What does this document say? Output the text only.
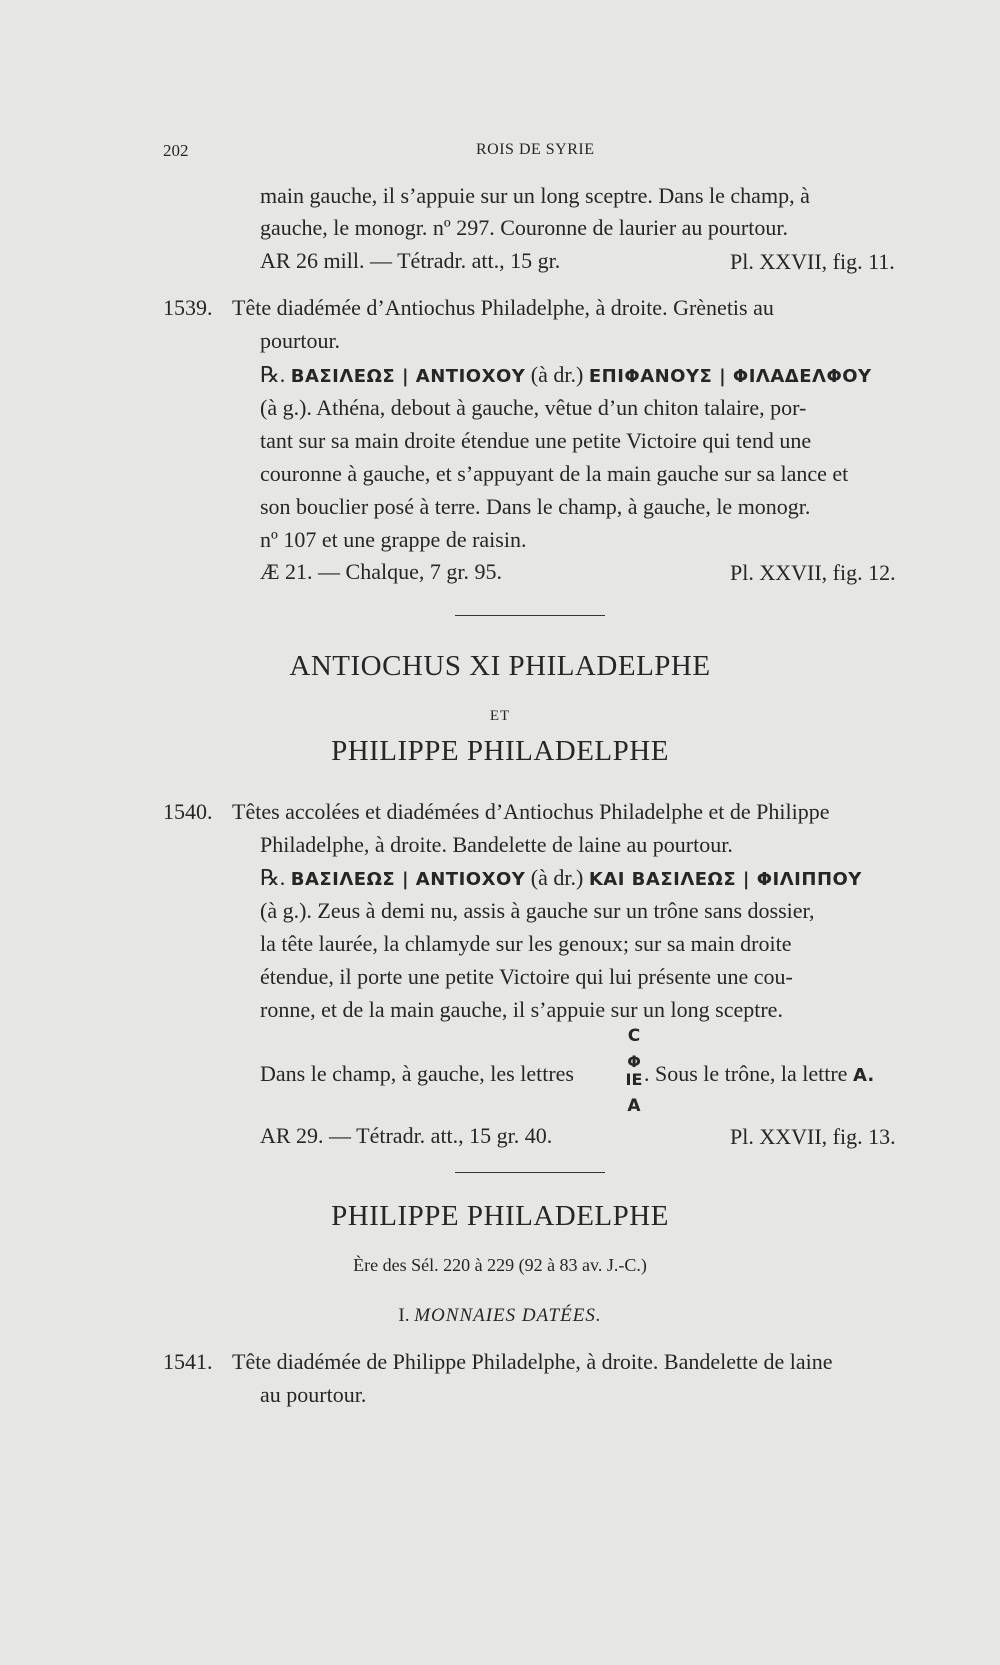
202	ROIS DE SYRIE
main gauche, il s’appuie sur un long sceptre. Dans le champ, à
gauche, le monogr. nº 297. Couronne de laurier au pourtour.
AR 26 mill. — Tétradr. att., 15 gr.	Pl. XXVII, fig. 11.
1539. Tête diadémée d’Antiochus Philadelphe, à droite. Grènetis au
pourtour.
℞. ΒΑΣΙΛΕΩΣ | ΑΝΤΙΟΧΟΥ (à dr.) ΕΠΙΦΑΝΟΥΣ | ΦΙΛΑΔΕΛΦΟΥ
(à g.). Athéna, debout à gauche, vêtue d’un chiton talaire, por-
tant sur sa main droite étendue une petite Victoire qui tend une
couronne à gauche, et s’appuyant de la main gauche sur sa lance et
son bouclier posé à terre. Dans le champ, à gauche, le monogr.
nº 107 et une grappe de raisin.
Æ 21. — Chalque, 7 gr. 95.	Pl. XXVII, fig. 12.
ANTIOCHUS XI PHILADELPHE
ET
PHILIPPE PHILADELPHE
1540. Têtes accolées et diadémées d’Antiochus Philadelphe et de Philippe
Philadelphe, à droite. Bandelette de laine au pourtour.
℞. ΒΑΣΙΛΕΩΣ | ΑΝΤΙΟΧΟΥ (à dr.) ΚΑΙ ΒΑΣΙΛΕΩΣ | ΦΙΛΙΠΠΟΥ
(à g.). Zeus à demi nu, assis à gauche sur un trône sans dossier,
la tête laurée, la chlamyde sur les genoux; sur sa main droite
étendue, il porte une petite Victoire qui lui présente une cou-
ronne, et de la main gauche, il s’appuie sur un long sceptre.
C
Φ
ΙΕ
Α
Dans le champ, à gauche, les lettres	. Sous le trône, la lettre Α.
AR 29. — Tétradr. att., 15 gr. 40.	Pl. XXVII, fig. 13.
PHILIPPE PHILADELPHE
Ère des Sél. 220 à 229 (92 à 83 av. J.-C.)
I. MONNAIES DATÉES.
1541. Tête diadémée de Philippe Philadelphe, à droite. Bandelette de laine
au pourtour.
